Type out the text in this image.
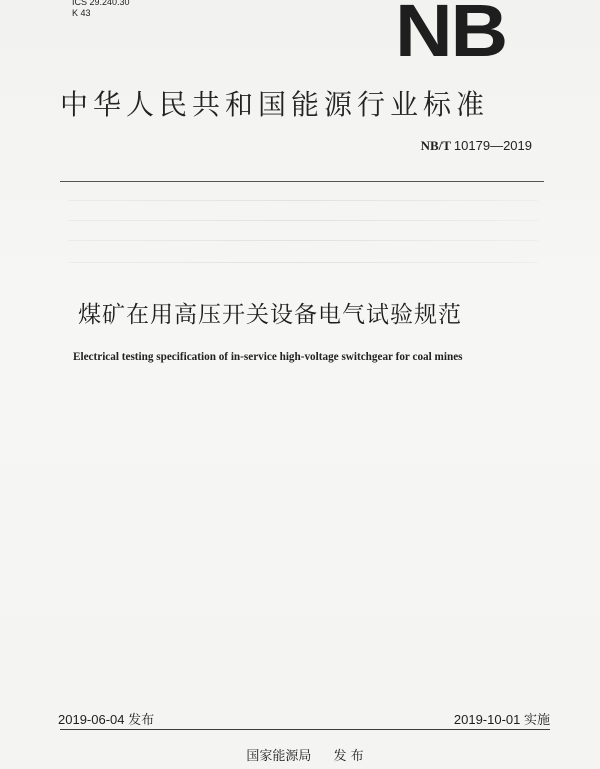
ICS 29.240.30
K 43	NB
中华人民共和国能源行业标准
NB/T 10179—2019
煤矿在用高压开关设备电气试验规范
Electrical testing specification of in-service high-voltage switchgear for coal mines
2019-06-04 发布	2019-10-01 实施
国家能源局 发 布
